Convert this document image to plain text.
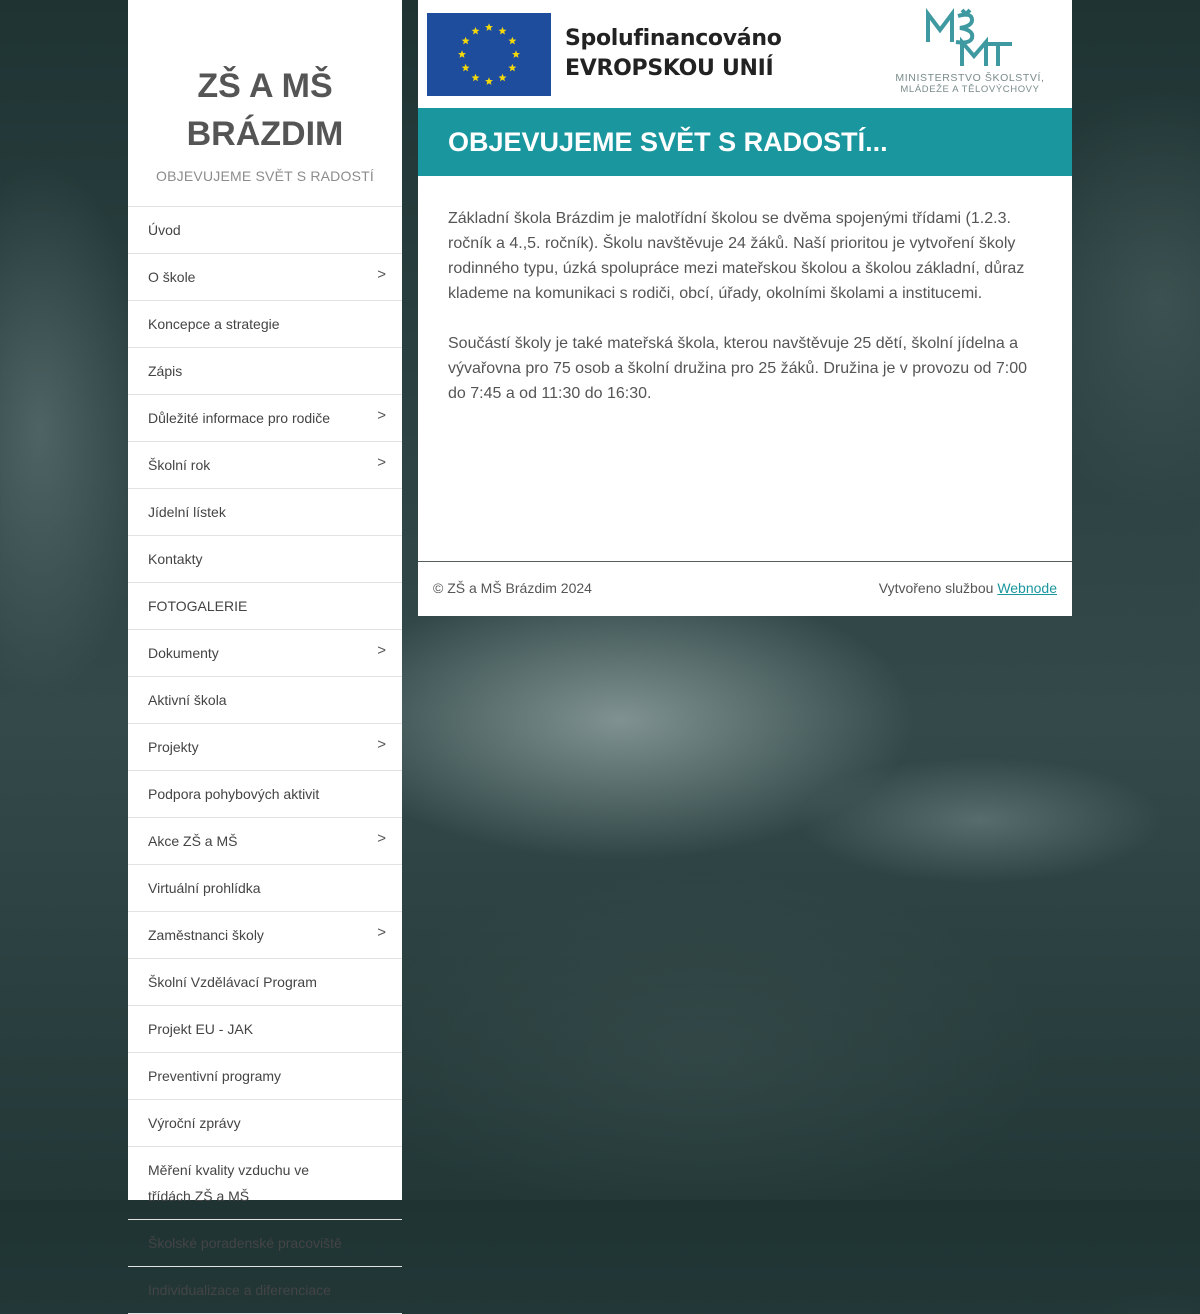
ZŠ A MŠ BRÁZDIM
OBJEVUJEME SVĚT S RADOSTÍ
Úvod
O škole	>
Koncepce a strategie
Zápis
Důležité informace pro rodiče	>
Školní rok	>
Jídelní lístek
Kontakty
FOTOGALERIE
Dokumenty	>
Aktivní škola
Projekty	>
Podpora pohybových aktivit
Akce ZŠ a MŠ	>
Virtuální prohlídka
Zaměstnanci školy	>
Školní Vzdělávací Program
Projekt EU - JAK
Preventivní programy
Výroční zprávy
Měření kvality vzduchu ve třídách ZŠ a MŠ
Školské poradenské pracoviště
Individualizace a diferenciace
Spolufinancováno
EVROPSKOU UNIÍ	MINISTERSTVO ŠKOLSTVÍ,
MLÁDEŽE A TĚLOVÝCHOVY
OBJEVUJEME SVĚT S RADOSTÍ...

Základní škola Brázdim je malotřídní školou se dvěma spojenými třídami (1.2.3. ročník a 4.,5. ročník). Školu navštěvuje 24 žáků. Naší prioritou je vytvoření školy rodinného typu, úzká spolupráce mezi mateřskou školou a školou základní, důraz klademe na komunikaci s rodiči, obcí, úřady, okolními školami a institucemi.

Součástí školy je také mateřská škola, kterou navštěvuje 25 dětí, školní jídelna a vývařovna pro 75 osob a školní družina pro 25 žáků. Družina je v provozu od 7:00 do 7:45 a od 11:30 do 16:30.

© ZŠ a MŠ Brázdim 2024	Vytvořeno službou Webnode
